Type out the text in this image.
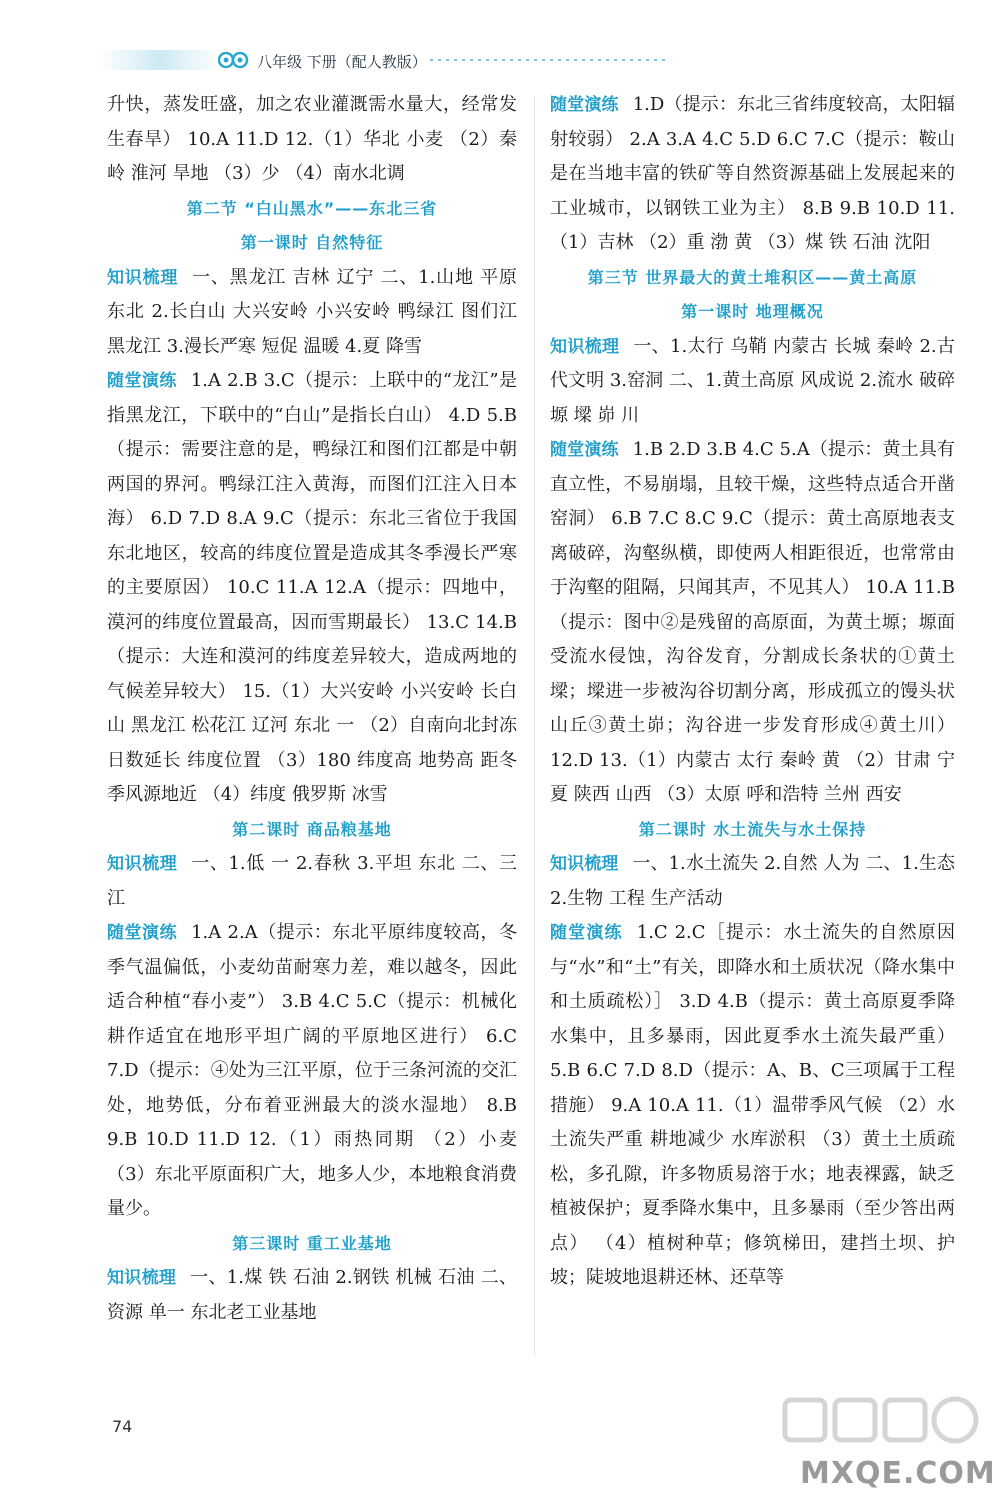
八年级 下册（配人教版）

升快，蒸发旺盛，加之农业灌溉需水量大，经常发生春旱） 10.A 11.D 12.（1）华北 小麦 （2）秦岭 淮河 旱地 （3）少 （4）南水北调

第二节 “白山黑水”——东北三省

第一课时 自然特征

知识梳理 一、黑龙江 吉林 辽宁 二、1.山地 平原 东北 2.长白山 大兴安岭 小兴安岭 鸭绿江 图们江 黑龙江 3.漫长严寒 短促 温暖 4.夏 降雪

随堂演练 1.A 2.B 3.C（提示：上联中的“龙江”是指黑龙江，下联中的“白山”是指长白山） 4.D 5.B（提示：需要注意的是，鸭绿江和图们江都是中朝两国的界河。鸭绿江注入黄海，而图们江注入日本海） 6.D 7.D 8.A 9.C（提示：东北三省位于我国东北地区，较高的纬度位置是造成其冬季漫长严寒的主要原因） 10.C 11.A 12.A（提示：四地中，漠河的纬度位置最高，因而雪期最长） 13.C 14.B（提示：大连和漠河的纬度差异较大，造成两地的气候差异较大） 15.（1）大兴安岭 小兴安岭 长白山 黑龙江 松花江 辽河 东北 一 （2）自南向北封冻日数延长 纬度位置 （3）180 纬度高 地势高 距冬季风源地近 （4）纬度 俄罗斯 冰雪

第二课时 商品粮基地

知识梳理 一、1.低 一 2.春秋 3.平坦 东北 二、三江

随堂演练 1.A 2.A（提示：东北平原纬度较高，冬季气温偏低，小麦幼苗耐寒力差，难以越冬，因此适合种植“春小麦”） 3.B 4.C 5.C（提示：机械化耕作适宜在地形平坦广阔的平原地区进行） 6.C 7.D（提示：④处为三江平原，位于三条河流的交汇处，地势低，分布着亚洲最大的淡水湿地） 8.B 9.B 10.D 11.D 12.（1）雨热同期 （2）小麦 （3）东北平原面积广大，地多人少，本地粮食消费量少。

第三课时 重工业基地

知识梳理 一、1.煤 铁 石油 2.钢铁 机械 石油 二、资源 单一 东北老工业基地

随堂演练 1.D（提示：东北三省纬度较高，太阳辐射较弱） 2.A 3.A 4.C 5.D 6.C 7.C（提示：鞍山是在当地丰富的铁矿等自然资源基础上发展起来的工业城市，以钢铁工业为主） 8.B 9.B 10.D 11.（1）吉林 （2）重 渤 黄 （3）煤 铁 石油 沈阳

第三节 世界最大的黄土堆积区——黄土高原

第一课时 地理概况

知识梳理 一、1.太行 乌鞘 内蒙古 长城 秦岭 2.古代文明 3.窑洞 二、1.黄土高原 风成说 2.流水 破碎 塬 墚 峁 川

随堂演练 1.B 2.D 3.B 4.C 5.A（提示：黄土具有直立性，不易崩塌，且较干燥，这些特点适合开凿窑洞） 6.B 7.C 8.C 9.C（提示：黄土高原地表支离破碎，沟壑纵横，即使两人相距很近，也常常由于沟壑的阻隔，只闻其声，不见其人） 10.A 11.B（提示：图中②是残留的高原面，为黄土塬；塬面受流水侵蚀，沟谷发育，分割成长条状的①黄土墚；墚进一步被沟谷切割分离，形成孤立的馒头状山丘③黄土峁；沟谷进一步发育形成④黄土川） 12.D 13.（1）内蒙古 太行 秦岭 黄 （2）甘肃 宁夏 陕西 山西 （3）太原 呼和浩特 兰州 西安

第二课时 水土流失与水土保持

知识梳理 一、1.水土流失 2.自然 人为 二、1.生态 2.生物 工程 生产活动

随堂演练 1.C 2.C［提示：水土流失的自然原因与“水”和“土”有关，即降水和土质状况（降水集中和土质疏松）］ 3.D 4.B（提示：黄土高原夏季降水集中，且多暴雨，因此夏季水土流失最严重） 5.B 6.C 7.D 8.D（提示：A、B、C三项属于工程措施） 9.A 10.A 11.（1）温带季风气候 （2）水土流失严重 耕地减少 水库淤积 （3）黄土土质疏松，多孔隙，许多物质易溶于水；地表裸露，缺乏植被保护；夏季降水集中，且多暴雨（至少答出两点） （4）植树种草；修筑梯田，建挡土坝、护坡；陡坡地退耕还林、还草等

74
MXQE.COM
